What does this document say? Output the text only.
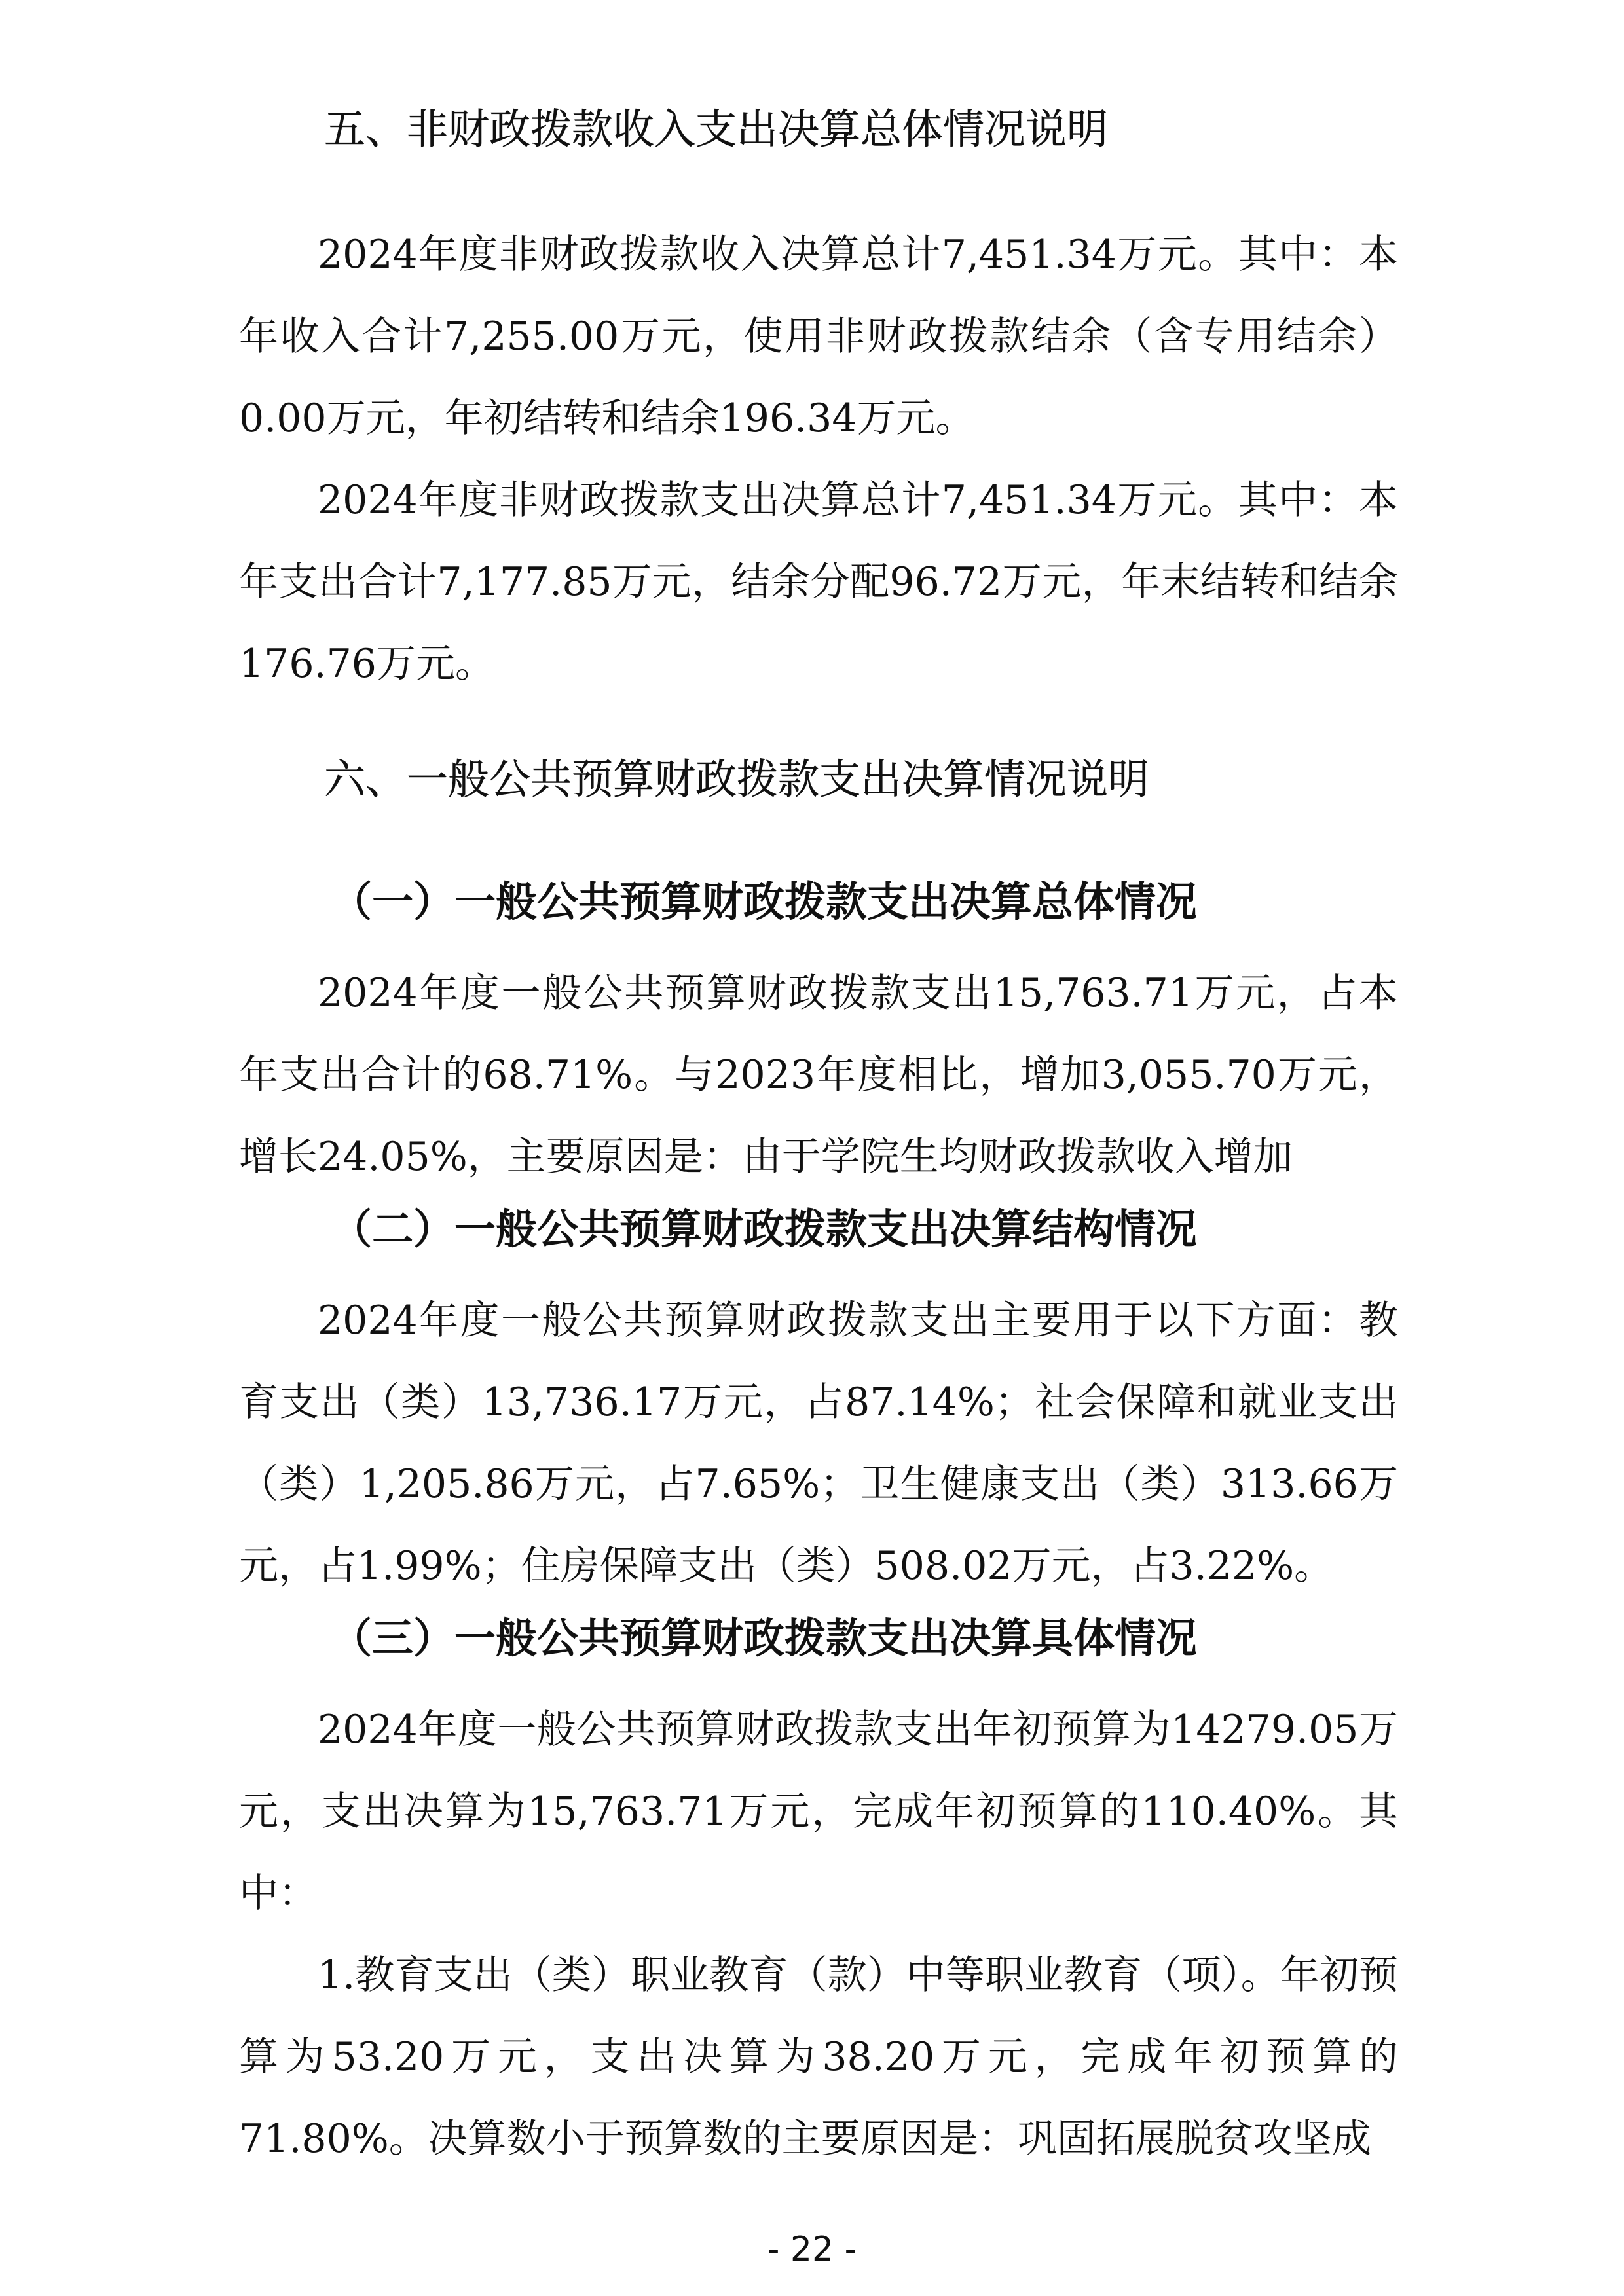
五、非财政拨款收入支出决算总体情况说明

2024年度非财政拨款收入决算总计7,451.34万元。其中：本年收入合计7,255.00万元，使用非财政拨款结余（含专用结余）0.00万元，年初结转和结余196.34万元。

2024年度非财政拨款支出决算总计7,451.34万元。其中：本年支出合计7,177.85万元，结余分配96.72万元，年末结转和结余176.76万元。

六、一般公共预算财政拨款支出决算情况说明
（一）一般公共预算财政拨款支出决算总体情况

2024年度一般公共预算财政拨款支出15,763.71万元，占本年支出合计的68.71%。与2023年度相比，增加3,055.70万元，增长24.05%，主要原因是：由于学院生均财政拨款收入增加

（二）一般公共预算财政拨款支出决算结构情况

2024年度一般公共预算财政拨款支出主要用于以下方面：教育支出（类）13,736.17万元，占87.14%；社会保障和就业支出（类）1,205.86万元，占7.65%；卫生健康支出（类）313.66万元，占1.99%；住房保障支出（类）508.02万元，占3.22%。

（三）一般公共预算财政拨款支出决算具体情况

2024年度一般公共预算财政拨款支出年初预算为14279.05万元，支出决算为15,763.71万元，完成年初预算的110.40%。其中：

1.教育支出（类）职业教育（款）中等职业教育（项）。年初预算为53.20万元，支出决算为38.20万元，完成年初预算的71.80%。决算数小于预算数的主要原因是：巩固拓展脱贫攻坚成

- 22 -
